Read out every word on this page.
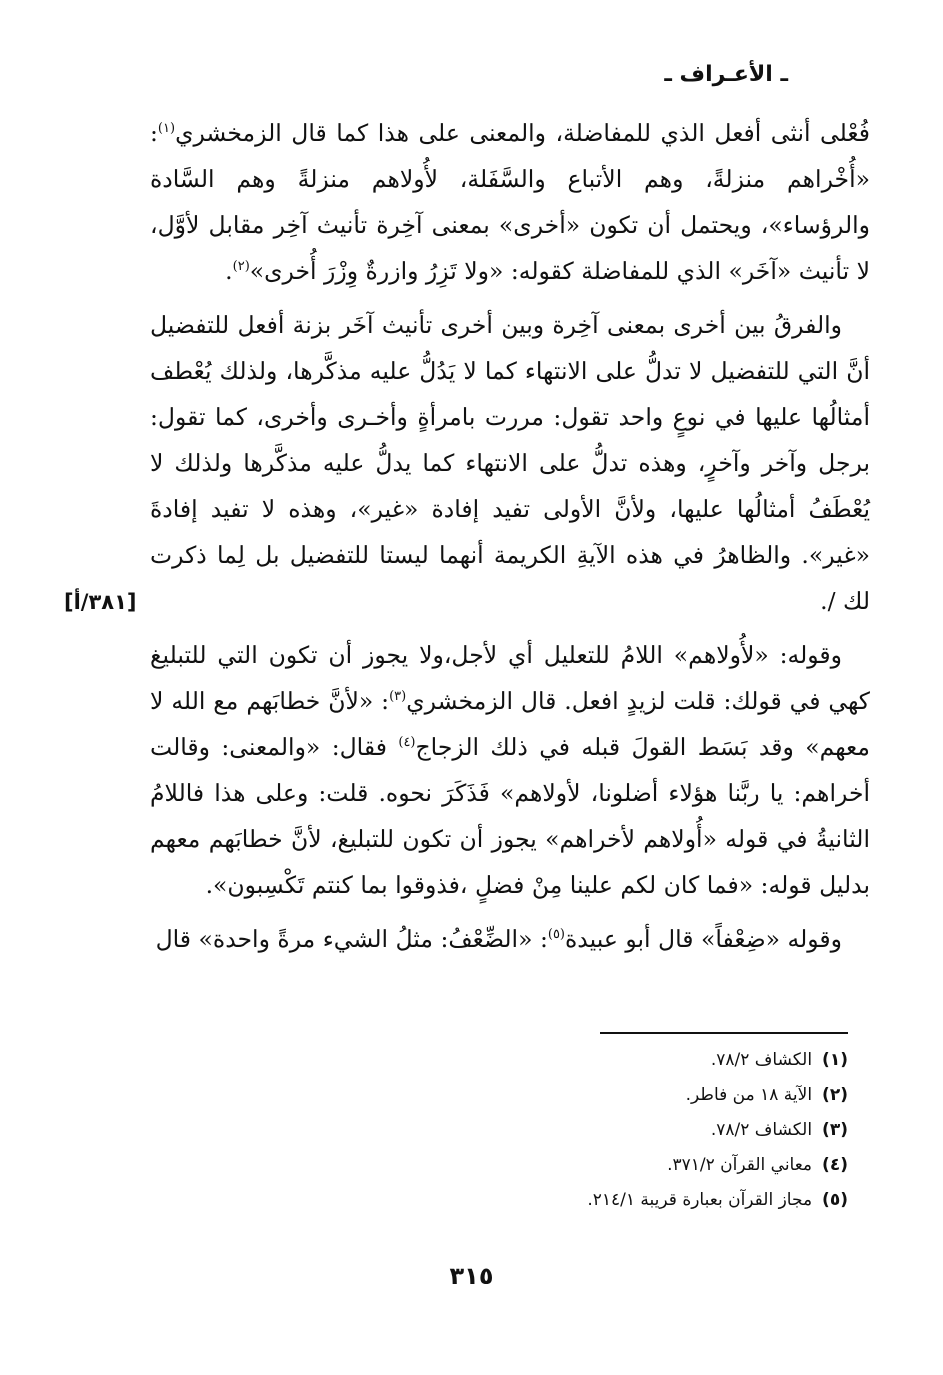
ـ الأعـراف ـ

فُعْلى أنثى أفعل الذي للمفاضلة، والمعنى على هذا كما قال الزمخشري$^{(١)}$: «أُخْراهم منزلةً، وهم الأتباع والسَّفَلة، لأُولاهم منزلةً وهم السَّادة والرؤساء»، ويحتمل أن تكون «أخرى» بمعنى آخِرة تأنيث آخِر مقابل لأوَّل، لا تأنيث «آخَر» الذي للمفاضلة كقوله: «ولا تَزِرُ وازرةٌ وِزْرَ أُخرى»$^{(٢)}$.

والفرقُ بين أخرى بمعنى آخِرة وبين أخرى تأنيث آخَر بزنة أفعل للتفضيل أنَّ التي للتفضيل لا تدلُّ على الانتهاء كما لا يَدُلُّ عليه مذكَّرها، ولذلك يُعْطف أمثالُها عليها في نوعٍ واحد تقول: مررت بامرأةٍ وأخـرى وأخرى، كما تقول: برجل وآخر وآخرٍ، وهذه تدلُّ على الانتهاء كما يدلُّ عليه مذكَّرها ولذلك لا يُعْطَفُ أمثالُها عليها، ولأنَّ الأولى تفيد إفادة «غير»، وهذه لا تفيد إفادةَ «غير». والظاهرُ في هذه الآيةِ الكريمة أنهما ليستا للتفضيل بل لِما ذكرت لك /.

وقوله: «لأُولاهم» اللامُ للتعليل أي لأجل،ولا يجوز أن تكون التي للتبليغ كهي في قولك: قلت لزيدٍ افعل. قال الزمخشري$^{(٣)}$: «لأنَّ خطابَهم مع الله لا معهم» وقد بَسَط القولَ قبله في ذلك الزجاج$^{(٤)}$ فقال: «والمعنى: وقالت أخراهم: يا ربَّنا هؤلاء أضلونا، لأولاهم» فَذَكَرَ نحوه. قلت: وعلى هذا فاللامُ الثانيةُ في قوله «أُولاهم لأخراهم» يجوز أن تكون للتبليغ، لأنَّ خطابَهم معهم بدليل قوله: «فما كان لكم علينا مِنْ فضلٍ ،فذوقوا بما كنتم تَكْسِبون».

وقوله «ضِعْفاً» قال أبو عبيدة$^{(٥)}$: «الضِّعْفُ: مثلُ الشيء مرةً واحدة» قال

[٣٨١/أ]
(١)الكشاف ٧٨/٢.
(٢)الآية ١٨ من فاطر.
(٣)الكشاف ٧٨/٢.
(٤)معاني القرآن ٣٧١/٢.
(٥)مجاز القرآن بعبارة قريبة ٢١٤/١.
٣١٥
